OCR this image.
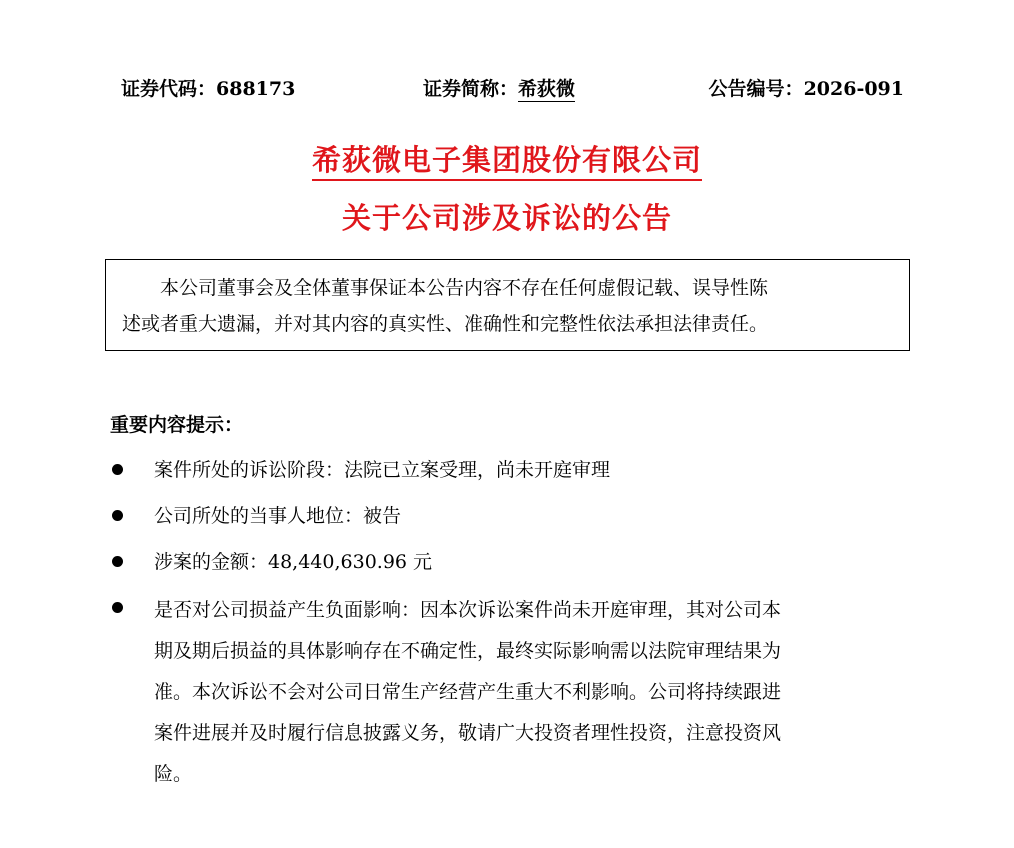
证券代码：688173	证券简称：希荻微	公告编号：2026-091
希荻微电子集团股份有限公司
关于公司涉及诉讼的公告

本公司董事会及全体董事保证本公告内容不存在任何虚假记载、误导性陈

述或者重大遗漏，并对其内容的真实性、准确性和完整性依法承担法律责任。

重要内容提示：
案件所处的诉讼阶段：法院已立案受理，尚未开庭审理
公司所处的当事人地位：被告
涉案的金额：48,440,630.96 元
是否对公司损益产生负面影响：因本次诉讼案件尚未开庭审理，其对公司本
期及期后损益的具体影响存在不确定性，最终实际影响需以法院审理结果为
准。本次诉讼不会对公司日常生产经营产生重大不利影响。公司将持续跟进
案件进展并及时履行信息披露义务，敬请广大投资者理性投资，注意投资风
险。
